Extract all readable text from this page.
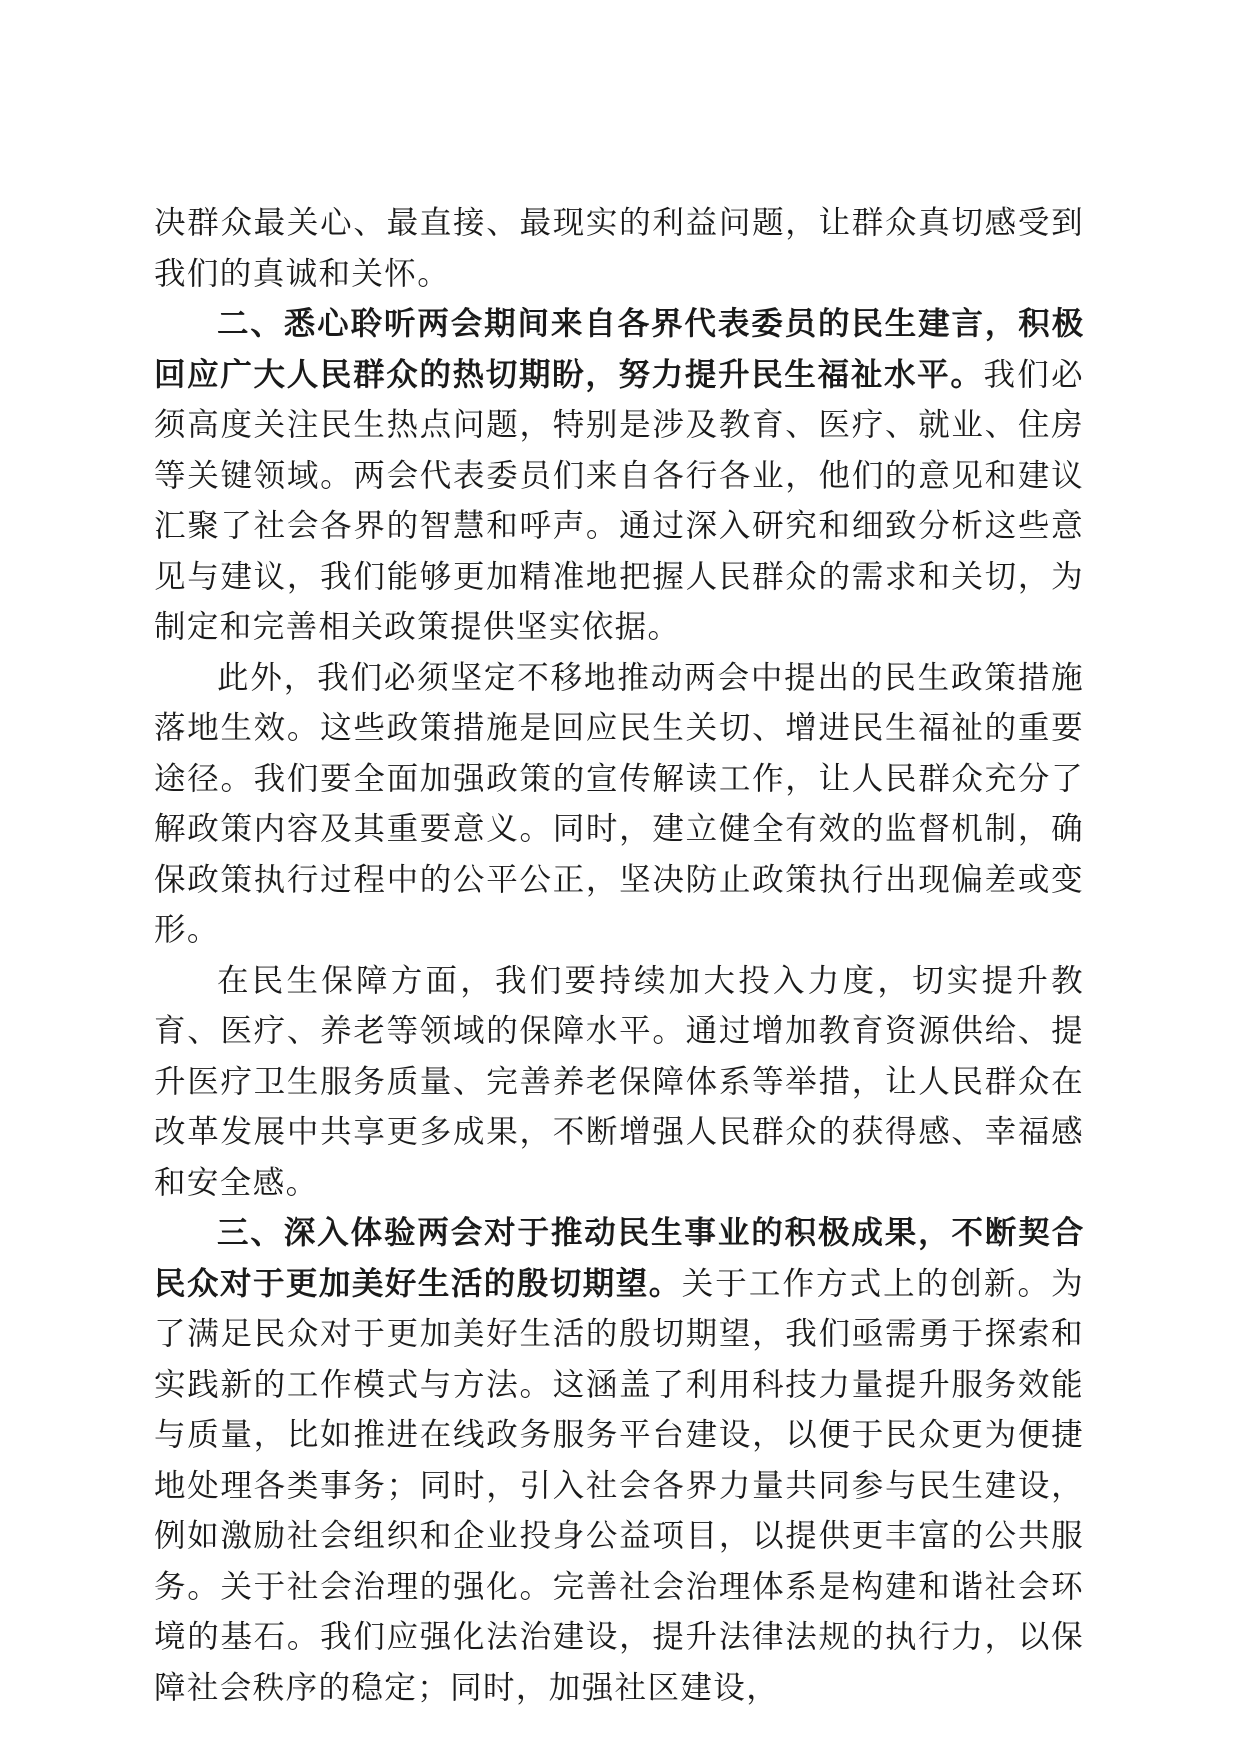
决群众最关心、最直接、最现实的利益问题，让群众真切感受到我们的真诚和关怀。

二、悉心聆听两会期间来自各界代表委员的民生建言，积极回应广大人民群众的热切期盼，努力提升民生福祉水平。我们必须高度关注民生热点问题，特别是涉及教育、医疗、就业、住房等关键领域。两会代表委员们来自各行各业，他们的意见和建议汇聚了社会各界的智慧和呼声。通过深入研究和细致分析这些意见与建议，我们能够更加精准地把握人民群众的需求和关切，为制定和完善相关政策提供坚实依据。

此外，我们必须坚定不移地推动两会中提出的民生政策措施落地生效。这些政策措施是回应民生关切、增进民生福祉的重要途径。我们要全面加强政策的宣传解读工作，让人民群众充分了解政策内容及其重要意义。同时，建立健全有效的监督机制，确保政策执行过程中的公平公正，坚决防止政策执行出现偏差或变形。

在民生保障方面，我们要持续加大投入力度，切实提升教育、医疗、养老等领域的保障水平。通过增加教育资源供给、提升医疗卫生服务质量、完善养老保障体系等举措，让人民群众在改革发展中共享更多成果，不断增强人民群众的获得感、幸福感和安全感。

三、深入体验两会对于推动民生事业的积极成果，不断契合民众对于更加美好生活的殷切期望。关于工作方式上的创新。为了满足民众对于更加美好生活的殷切期望，我们亟需勇于探索和实践新的工作模式与方法。这涵盖了利用科技力量提升服务效能与质量，比如推进在线政务服务平台建设，以便于民众更为便捷地处理各类事务；同时，引入社会各界力量共同参与民生建设，例如激励社会组织和企业投身公益项目，以提供更丰富的公共服务。关于社会治理的强化。完善社会治理体系是构建和谐社会环境的基石。我们应强化法治建设，提升法律法规的执行力，以保障社会秩序的稳定；同时，加强社区建设，
